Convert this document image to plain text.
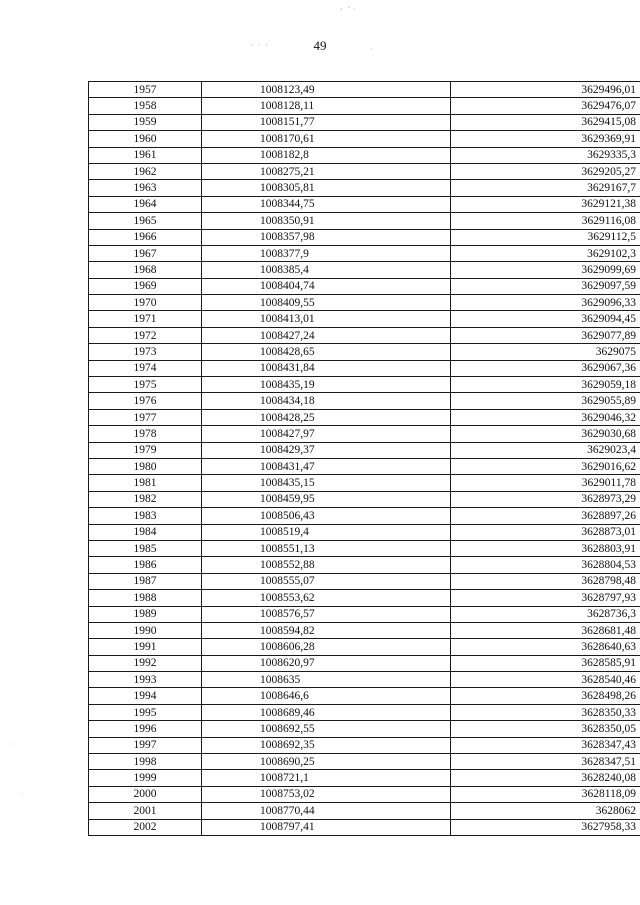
·  ‘ ·
·  ·  ·	·
49
1957	1008123,49	3629496,01
1958	1008128,11	3629476,07
1959	1008151,77	3629415,08
1960	1008170,61	3629369,91
1961	1008182,8	3629335,3
1962	1008275,21	3629205,27
1963	1008305,81	3629167,7
1964	1008344,75	3629121,38
1965	1008350,91	3629116,08
1966	1008357,98	3629112,5
1967	1008377,9	3629102,3
1968	1008385,4	3629099,69
1969	1008404,74	3629097,59
1970	1008409,55	3629096,33
1971	1008413,01	3629094,45
1972	1008427,24	3629077,89
1973	1008428,65	3629075
1974	1008431,84	3629067,36
1975	1008435,19	3629059,18
1976	1008434,18	3629055,89
1977	1008428,25	3629046,32
1978	1008427,97	3629030,68
1979	1008429,37	3629023,4
1980	1008431,47	3629016,62
1981	1008435,15	3629011,78
1982	1008459,95	3628973,29
1983	1008506,43	3628897,26
1984	1008519,4	3628873,01
1985	1008551,13	3628803,91
1986	1008552,88	3628804,53
1987	1008555,07	3628798,48
1988	1008553,62	3628797,93
1989	1008576,57	3628736,3
1990	1008594,82	3628681,48
1991	1008606,28	3628640,63
1992	1008620,97	3628585,91
1993	1008635	3628540,46
1994	1008646,6	3628498,26
1995	1008689,46	3628350,33
1996	1008692,55	3628350,05
1997	1008692,35	3628347,43
1998	1008690,25	3628347,51
1999	1008721,1	3628240,08
2000	1008753,02	3628118,09
2001	1008770,44	3628062
2002	1008797,41	3627958,33
·
·
